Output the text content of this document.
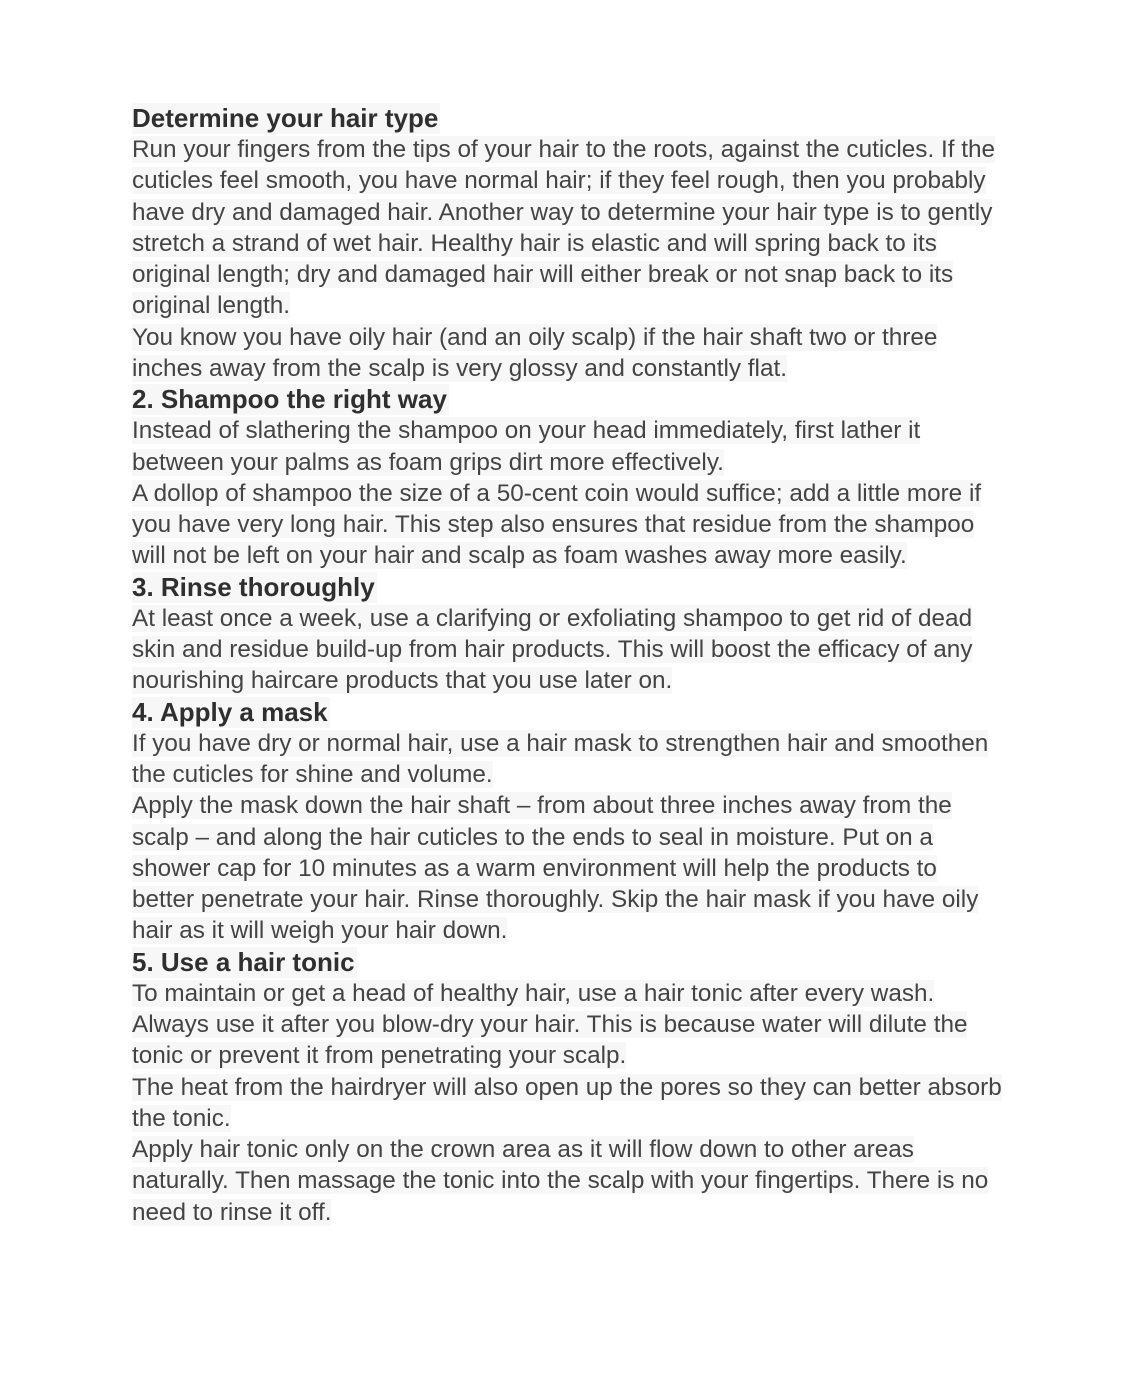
Determine your hair type

Run your fingers from the tips of your hair to the roots, against the cuticles. If the cuticles feel smooth, you have normal hair; if they feel rough, then you probably have dry and damaged hair. Another way to determine your hair type is to gently stretch a strand of wet hair. Healthy hair is elastic and will spring back to its original length; dry and damaged hair will either break or not snap back to its original length.

You know you have oily hair (and an oily scalp) if the hair shaft two or three inches away from the scalp is very glossy and constantly flat.

2. Shampoo the right way

Instead of slathering the shampoo on your head immediately, first lather it between your palms as foam grips dirt more effectively.

A dollop of shampoo the size of a 50-cent coin would suffice; add a little more if you have very long hair. This step also ensures that residue from the shampoo will not be left on your hair and scalp as foam washes away more easily.

3. Rinse thoroughly

At least once a week, use a clarifying or exfoliating shampoo to get rid of dead skin and residue build-up from hair products. This will boost the efficacy of any nourishing haircare products that you use later on.

4. Apply a mask

If you have dry or normal hair, use a hair mask to strengthen hair and smoothen the cuticles for shine and volume.

Apply the mask down the hair shaft – from about three inches away from the scalp – and along the hair cuticles to the ends to seal in moisture. Put on a shower cap for 10 minutes as a warm environment will help the products to better penetrate your hair. Rinse thoroughly. Skip the hair mask if you have oily hair as it will weigh your hair down.

5. Use a hair tonic

To maintain or get a head of healthy hair, use a hair tonic after every wash. Always use it after you blow-dry your hair. This is because water will dilute the tonic or prevent it from penetrating your scalp.

The heat from the hairdryer will also open up the pores so they can better absorb the tonic.

Apply hair tonic only on the crown area as it will flow down to other areas naturally. Then massage the tonic into the scalp with your fingertips. There is no need to rinse it off.
